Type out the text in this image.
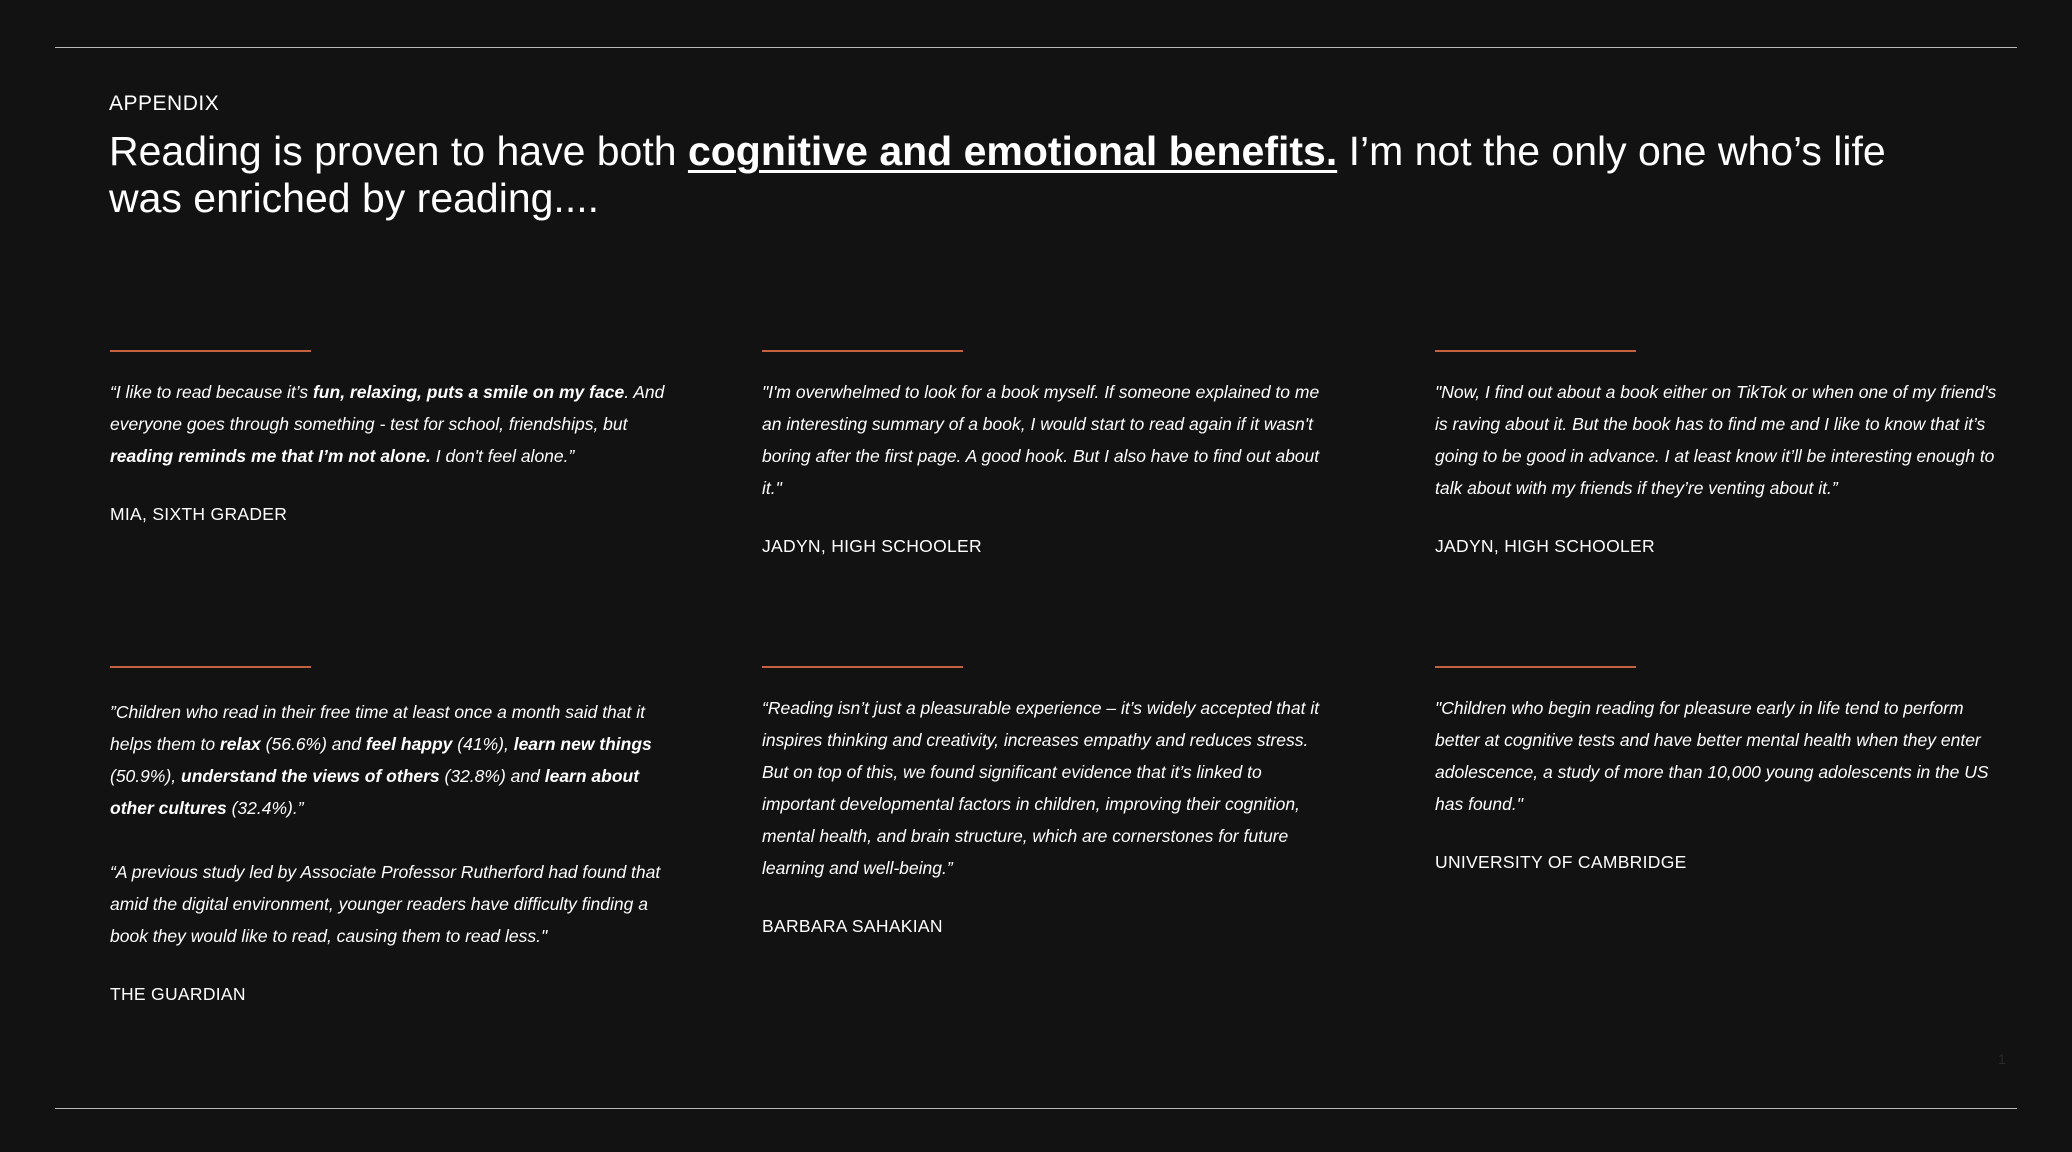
APPENDIX
Reading is proven to have both cognitive and emotional benefits. I’m not the only one who’s life was enriched by reading....
“I like to read because it’s fun, relaxing, puts a smile on my face. And everyone goes through something - test for school, friendships, but reading reminds me that I’m not alone. I don't feel alone.”
MIA, SIXTH GRADER
"I'm overwhelmed to look for a book myself. If someone explained to me an interesting summary of a book, I would start to read again if it wasn't boring after the first page. A good hook. But I also have to find out about it."
JADYN, HIGH SCHOOLER
"Now, I find out about a book either on TikTok or when one of my friend's is raving about it. But the book has to find me and I like to know that it’s going to be good in advance. I at least know it’ll be interesting enough to talk about with my friends if they’re venting about it.”
JADYN, HIGH SCHOOLER
”Children who read in their free time at least once a month said that it helps them to relax (56.6%) and feel happy (41%), learn new things (50.9%), understand the views of others (32.8%) and learn about other cultures (32.4%).”
“A previous study led by Associate Professor Rutherford had found that amid the digital environment, younger readers have difficulty finding a book they would like to read, causing them to read less."
THE GUARDIAN
“Reading isn’t just a pleasurable experience – it’s widely accepted that it inspires thinking and creativity, increases empathy and reduces stress. But on top of this, we found significant evidence that it’s linked to important developmental factors in children, improving their cognition, mental health, and brain structure, which are cornerstones for future learning and well-being.”
BARBARA SAHAKIAN
"Children who begin reading for pleasure early in life tend to perform better at cognitive tests and have better mental health when they enter adolescence, a study of more than 10,000 young adolescents in the US has found."
UNIVERSITY OF CAMBRIDGE
1
